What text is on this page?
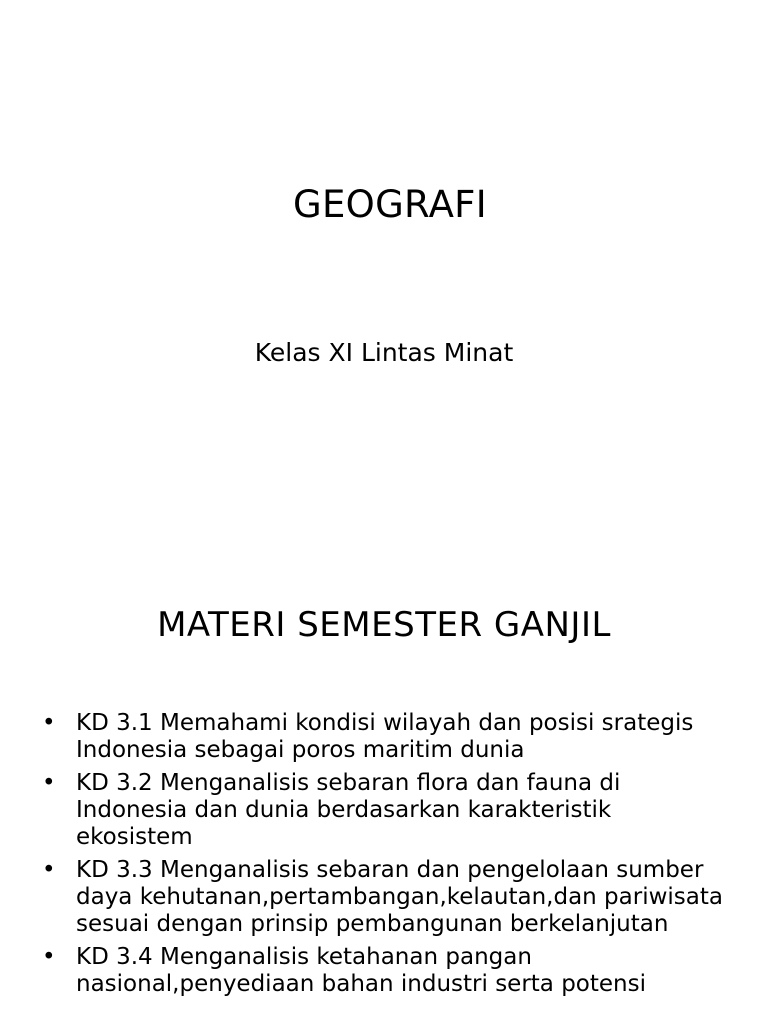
GEOGRAFI
Kelas XI Lintas Minat
MATERI SEMESTER GANJIL
• KD 3.1 Memahami kondisi wilayah dan posisi srategis Indonesia sebagai poros maritim dunia
• KD 3.2 Menganalisis sebaran flora dan fauna di Indonesia dan dunia berdasarkan karakteristik ekosistem
• KD 3.3 Menganalisis sebaran dan pengelolaan sumber daya kehutanan,pertambangan,kelautan,dan pariwisata sesuai dengan prinsip pembangunan berkelanjutan
• KD 3.4 Menganalisis ketahanan pangan nasional,penyediaan bahan industri serta potensi
